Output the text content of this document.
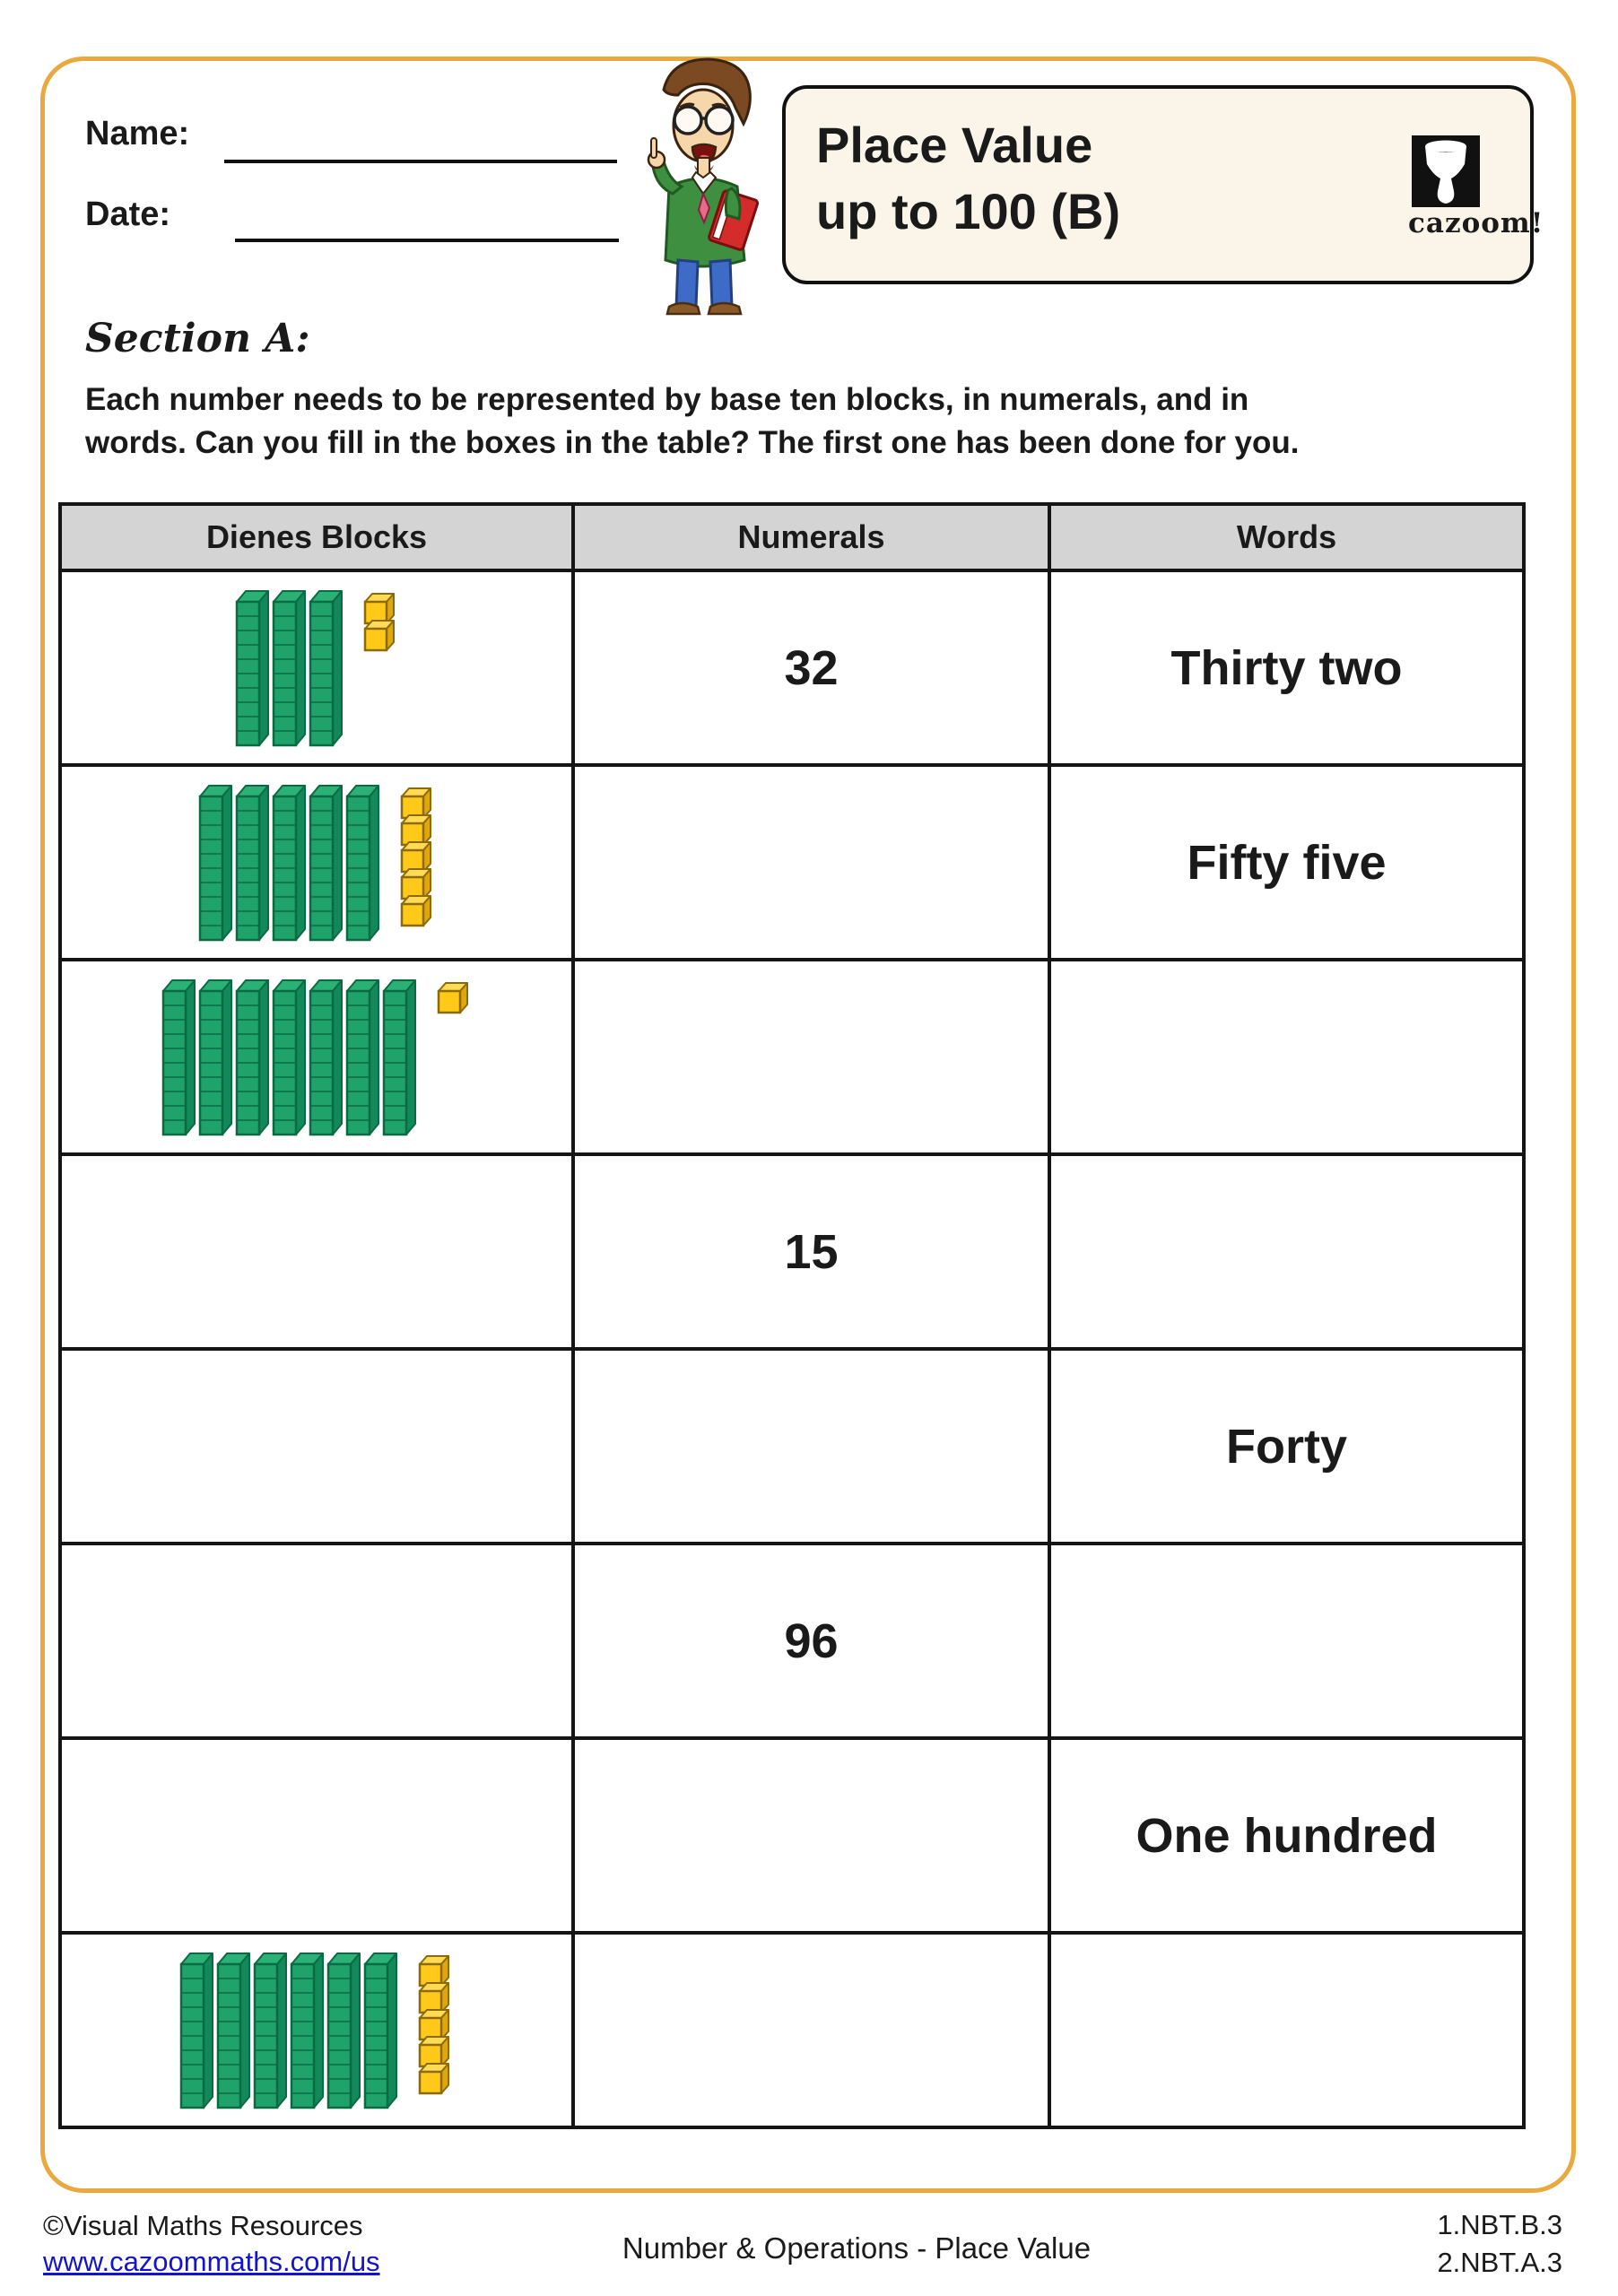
Name:
Date:
Place Value
up to 100 (B)	cazoom!
Section A:
Each number needs to be represented by base ten blocks, in numerals, and in
words. Can you fill in the boxes in the table? The first one has been done for you.
Dienes Blocks	Numerals	Words

	32	Thirty two

		Fifty five

	15	
		Forty
	96	
		One hundred

©Visual Maths Resources
www.cazoommaths.com/us	Number & Operations - Place Value
1.NBT.B.3
2.NBT.A.3
